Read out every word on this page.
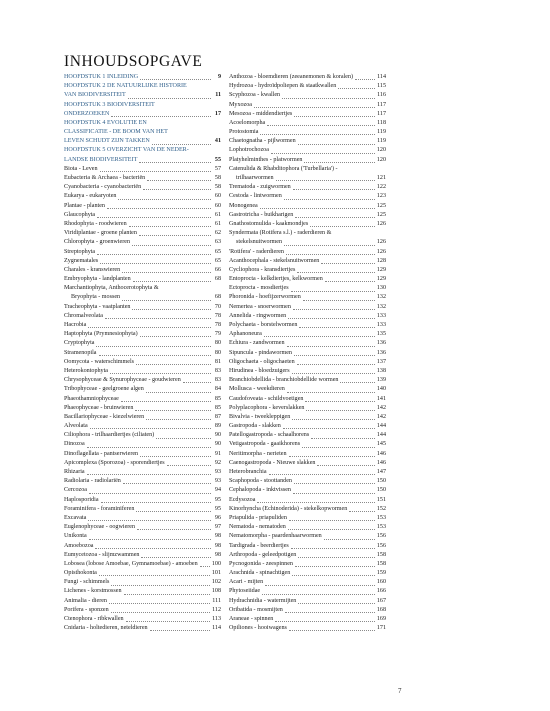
INHOUDSOPGAVE
HOOFDSTUK 1 INLEIDING	9
HOOFDSTUK 2 DE NATUURLIJKE HISTORIE
VAN BIODIVERSITEIT	11
HOOFDSTUK 3 BIODIVERSITEIT
ONDERZOEKEN	17
HOOFDSTUK 4 EVOLUTIE EN
CLASSIFICATIE - DE BOOM VAN HET
LEVEN SCHUDT ZIJN TAKKEN	41
HOOFDSTUK 5 OVERZICHT VAN DE NEDER-
LANDSE BIODIVERSITEIT	55
Biota - Leven	57
Eubacteria & Archaea - bacteriën	58
Cyanobacteria - cyanobacteriën	58
Eukarya - eukaryoten	60
Plantae - planten	60
Glaucophyta	61
Rhodophyta - roodwieren	61
Viridiplantae - groene planten	62
Chlorophyta - groenwieren	63
Streptophyta	65
Zygnematales	65
Charales - kranswieren	66
Embryophyta - landplanten	68
Marchantiophyta, Anthocerotophyta &
Bryophyta - mossen	68
Tracheophyta - vaatplanten	70
Chromalveolata	78
Hacrobia	78
Haptophyta (Prymnesiophyta)	79
Cryptophyta	80
Stramenopila	80
Oomycota - waterschimmels	81
Heterokontophyta	83
Chrysophyceae & Synurophyceae - goudwieren	83
Tribophyceae - geelgroene algen	84
Phaeothamniophyceae	85
Phaeophyceae - bruinwieren	85
Bacillariophyceae - kiezelwieren	87
Alveolata	89
Ciliophora - trilhaardiertjes (ciliaten)	90
Dinozoa	90
Dinoflagellata - pantserwieren	91
Apicomplexa (Sporozoa) - sporendiertjes	92
Rhizaria	93
Radiolaria - radiolariën	93
Cercozoa	94
Haplosporidia	95
Foraminifera - foraminiferen	95
Excavata	96
Euglenophyceae - oogwieren	97
Unikonta	98
Amoebozoa	98
Eumycetozoa - slijmzwammen	98
Lobosea (lobose Amoebae, Gymnamoebae) - amoeben 100
Opisthokonta	101
Fungi - schimmels	102
Lichenes - korstmossen	108
Animalia - dieren	111
Porifera - sponzen	112
Ctenophora - ribkwallen	113
Cnidaria - holtedieren, neteldieren	114
Anthozoa - bloemdieren (zeeanemonen & koralen)	114
Hydrozoa - hydroïdpoliepen & staatkwallen	115
Scyphozoa - kwallen	116
Myxozoa	117
Mesozoa - middendiertjes	117
Acoelomorpha	118
Protostomia	119
Chaetognatha - pijlwormen	119
Lophotrochozoa	120
Platyhelminthes - platwormen	120
Catenulida & Rhabditophora ('Turbellaria') -
trilhaarwormen	121
Trematoda - zuigwormen	122
Cestoda - lintwormen	123
Monogenea	125
Gastrotricha - buikharigen	125
Gnathostomulida - kaakmondjes	126
Syndermata (Rotifera s.l.) - raderdieren &
stekelsnuitwormen	126
'Rotifera' - raderdieren	126
Acanthocephala - stekelsnuitwormen	128
Cycliophora - kransdiertjes	129
Entoprocta - kelkdiertjes, kelkwormen	129
Ectoprocta - mosdiertjes	130
Phoronida - hoefijzerwormen	132
Nemertea - snoerwormen	132
Annelida - ringwormen	133
Polychaeta - borstelwormen	133
Aphanoneura	135
Echiura - zandwormen	136
Sipuncula - pindawormen	136
Oligochaeta - oligochaeten	137
Hirudinea - bloedzuigers	138
Branchiobdellida - branchiobdellide wormen	139
Mollusca - weekdieren	140
Caudofoveata - schildvoetigen	141
Polyplacophora - keverslakken	142
Bivalvia - tweekleppigen	142
Gastropoda - slakken	144
Patellogastropoda - schaalhorens	144
Vetigastropoda - gaaikhorens	145
Neritimorpha - nerieten	146
Caenogastropoda - Nieuwe slakken	146
Heterobranchia	147
Scaphopoda - stoottanden	150
Cephalopoda - inktvissen	150
Ecdysozoa	151
Kinorhyncha (Echinoderida) - stekelkopwormen	152
Priapulida - priapuliden	153
Nematoda - nematoden	153
Nematomorpha - paardenhaarwormen	156
Tardigrada - beerdiertjes	156
Arthropoda - geleedpotigen	158
Pycnogonida - zeespinnen	158
Arachnida - spinachtigen	159
Acari - mijten	160
Phytoseiidae	166
Hydrachnidia - watermijten	167
Oribatida - mosmijten	168
Araneae - spinnen	169
Opiliones - hooiwagens	171
7
